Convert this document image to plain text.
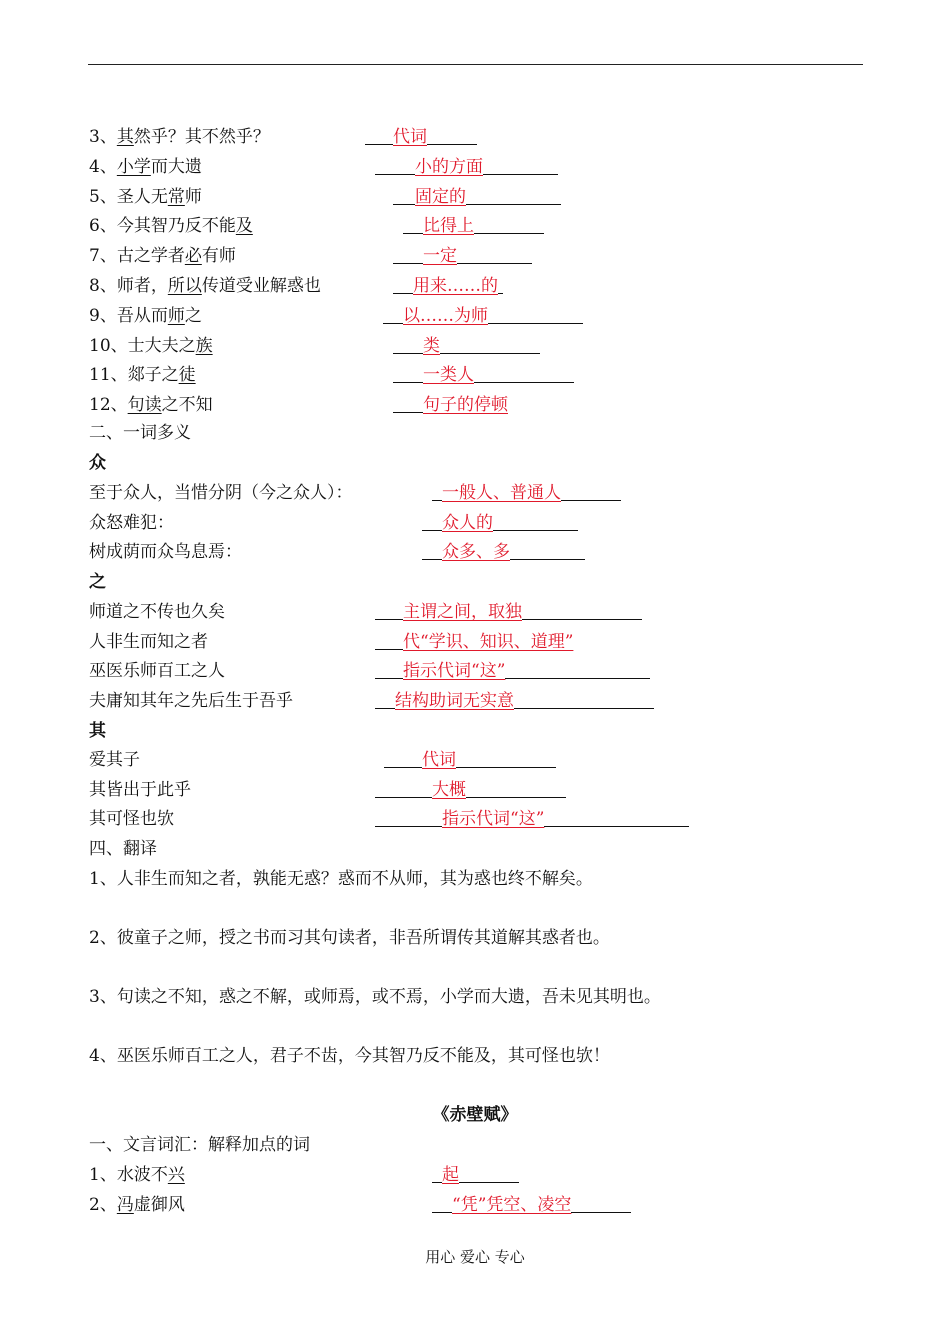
3、其然乎？其不然乎？	代词
4、小学而大遗	小的方面
5、圣人无常师	固定的
6、今其智乃反不能及	比得上
7、古之学者必有师	一定
8、师者，所以传道受业解惑也	用来……的
9、吾从而师之	以……为师
10、士大夫之族	类
11、郯子之徒	一类人
12、句读之不知	句子的停顿
二、一词多义
众
至于众人，当惜分阴（今之众人）：	一般人、普通人
众怒难犯：	众人的
树成荫而众鸟息焉：	众多、多
之
师道之不传也久矣	主谓之间，取独
人非生而知之者	代“学识、知识、道理”
巫医乐师百工之人	指示代词“这”
夫庸知其年之先后生于吾乎	结构助词无实意
其
爱其子	代词
其皆出于此乎	大概
其可怪也欤	指示代词“这”
四、翻译
1、人非生而知之者，孰能无惑？惑而不从师，其为惑也终不解矣。
2、彼童子之师，授之书而习其句读者，非吾所谓传其道解其惑者也。
3、句读之不知，惑之不解，或师焉，或不焉，小学而大遗，吾未见其明也。
4、巫医乐师百工之人，君子不齿，今其智乃反不能及，其可怪也欤！
《赤壁赋》
一、文言词汇：解释加点的词
1、水波不兴	起
2、冯虚御风	“凭”凭空、凌空
用心 爱心 专心
